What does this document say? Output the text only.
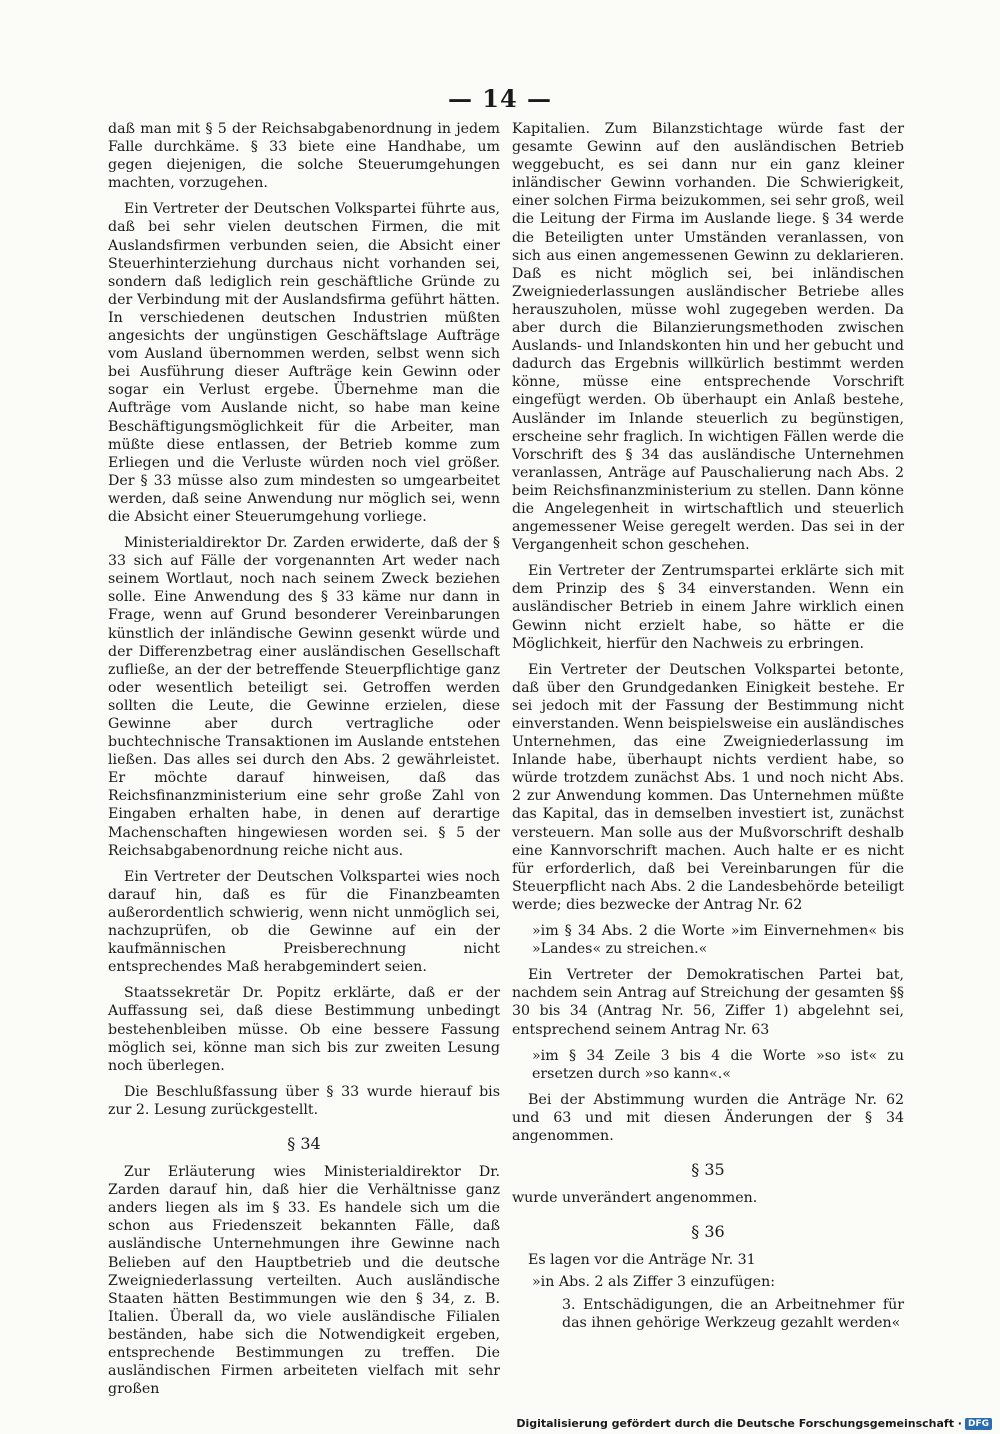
— 14 —

daß man mit § 5 der Reichsabgabenordnung in jedem Falle durchkäme. § 33 biete eine Handhabe, um gegen diejenigen, die solche Steuerumgehungen machten, vorzugehen.

Ein Vertreter der Deutschen Volkspartei führte aus, daß bei sehr vielen deutschen Firmen, die mit Auslandsfirmen verbunden seien, die Absicht einer Steuerhinterziehung durchaus nicht vorhanden sei, sondern daß lediglich rein geschäftliche Gründe zu der Verbindung mit der Auslandsfirma geführt hätten. In verschiedenen deutschen Industrien müßten angesichts der ungünstigen Geschäftslage Aufträge vom Ausland übernommen werden, selbst wenn sich bei Ausführung dieser Aufträge kein Gewinn oder sogar ein Verlust ergebe. Übernehme man die Aufträge vom Auslande nicht, so habe man keine Beschäftigungsmöglichkeit für die Arbeiter, man müßte diese entlassen, der Betrieb komme zum Erliegen und die Verluste würden noch viel größer. Der § 33 müsse also zum mindesten so umgearbeitet werden, daß seine Anwendung nur möglich sei, wenn die Absicht einer Steuerumgehung vorliege.

Ministerialdirektor Dr. Zarden erwiderte, daß der § 33 sich auf Fälle der vorgenannten Art weder nach seinem Wortlaut, noch nach seinem Zweck beziehen solle. Eine Anwendung des § 33 käme nur dann in Frage, wenn auf Grund besonderer Vereinbarungen künstlich der inländische Gewinn gesenkt würde und der Differenzbetrag einer ausländischen Gesellschaft zufließe, an der der betreffende Steuerpflichtige ganz oder wesentlich beteiligt sei. Getroffen werden sollten die Leute, die Gewinne erzielen, diese Gewinne aber durch vertragliche oder buchtechnische Transaktionen im Auslande entstehen ließen. Das alles sei durch den Abs. 2 gewährleistet. Er möchte darauf hinweisen, daß das Reichsfinanzministerium eine sehr große Zahl von Eingaben erhalten habe, in denen auf derartige Machenschaften hingewiesen worden sei. § 5 der Reichsabgabenordnung reiche nicht aus.

Ein Vertreter der Deutschen Volkspartei wies noch darauf hin, daß es für die Finanzbeamten außerordentlich schwierig, wenn nicht unmöglich sei, nachzuprüfen, ob die Gewinne auf ein der kaufmännischen Preisberechnung nicht entsprechendes Maß herabgemindert seien.

Staatssekretär Dr. Popitz erklärte, daß er der Auffassung sei, daß diese Bestimmung unbedingt bestehenbleiben müsse. Ob eine bessere Fassung möglich sei, könne man sich bis zur zweiten Lesung noch überlegen.

Die Beschlußfassung über § 33 wurde hierauf bis zur 2. Lesung zurückgestellt.

§ 34

Zur Erläuterung wies Ministerialdirektor Dr. Zarden darauf hin, daß hier die Verhältnisse ganz anders liegen als im § 33. Es handele sich um die schon aus Friedenszeit bekannten Fälle, daß ausländische Unternehmungen ihre Gewinne nach Belieben auf den Hauptbetrieb und die deutsche Zweigniederlassung verteilten. Auch ausländische Staaten hätten Bestimmungen wie den § 34, z. B. Italien. Überall da, wo viele ausländische Filialen beständen, habe sich die Notwendigkeit ergeben, entsprechende Bestimmungen zu treffen. Die ausländischen Firmen arbeiteten vielfach mit sehr großen

Kapitalien. Zum Bilanzstichtage würde fast der gesamte Gewinn auf den ausländischen Betrieb weggebucht, es sei dann nur ein ganz kleiner inländischer Gewinn vorhanden. Die Schwierigkeit, einer solchen Firma beizukommen, sei sehr groß, weil die Leitung der Firma im Auslande liege. § 34 werde die Beteiligten unter Umständen veranlassen, von sich aus einen angemessenen Gewinn zu deklarieren. Daß es nicht möglich sei, bei inländischen Zweigniederlassungen ausländischer Betriebe alles herauszuholen, müsse wohl zugegeben werden. Da aber durch die Bilanzierungsmethoden zwischen Auslands- und Inlandskonten hin und her gebucht und dadurch das Ergebnis willkürlich bestimmt werden könne, müsse eine entsprechende Vorschrift eingefügt werden. Ob überhaupt ein Anlaß bestehe, Ausländer im Inlande steuerlich zu begünstigen, erscheine sehr fraglich. In wichtigen Fällen werde die Vorschrift des § 34 das ausländische Unternehmen veranlassen, Anträge auf Pauschalierung nach Abs. 2 beim Reichsfinanzministerium zu stellen. Dann könne die Angelegenheit in wirtschaftlich und steuerlich angemessener Weise geregelt werden. Das sei in der Vergangenheit schon geschehen.

Ein Vertreter der Zentrumspartei erklärte sich mit dem Prinzip des § 34 einverstanden. Wenn ein ausländischer Betrieb in einem Jahre wirklich einen Gewinn nicht erzielt habe, so hätte er die Möglichkeit, hierfür den Nachweis zu erbringen.

Ein Vertreter der Deutschen Volkspartei betonte, daß über den Grundgedanken Einigkeit bestehe. Er sei jedoch mit der Fassung der Bestimmung nicht einverstanden. Wenn beispielsweise ein ausländisches Unternehmen, das eine Zweigniederlassung im Inlande habe, überhaupt nichts verdient habe, so würde trotzdem zunächst Abs. 1 und noch nicht Abs. 2 zur Anwendung kommen. Das Unternehmen müßte das Kapital, das in demselben investiert ist, zunächst versteuern. Man solle aus der Mußvorschrift deshalb eine Kannvorschrift machen. Auch halte er es nicht für erforderlich, daß bei Vereinbarungen für die Steuerpflicht nach Abs. 2 die Landesbehörde beteiligt werde; dies bezwecke der Antrag Nr. 62

»im § 34 Abs. 2 die Worte »im Einvernehmen« bis »Landes« zu streichen.«

Ein Vertreter der Demokratischen Partei bat, nachdem sein Antrag auf Streichung der gesamten §§ 30 bis 34 (Antrag Nr. 56, Ziffer 1) abgelehnt sei, entsprechend seinem Antrag Nr. 63

»im § 34 Zeile 3 bis 4 die Worte »so ist« zu ersetzen durch »so kann«.«

Bei der Abstimmung wurden die Anträge Nr. 62 und 63 und mit diesen Änderungen der § 34 angenommen.

§ 35

wurde unverändert angenommen.

§ 36

Es lagen vor die Anträge Nr. 31

»in Abs. 2 als Ziffer 3 einzufügen:

3. Entschädigungen, die an Arbeitnehmer für das ihnen gehörige Werkzeug gezahlt werden«

Digitalisierung gefördert durch die Deutsche Forschungsgemeinschaft · DFG
